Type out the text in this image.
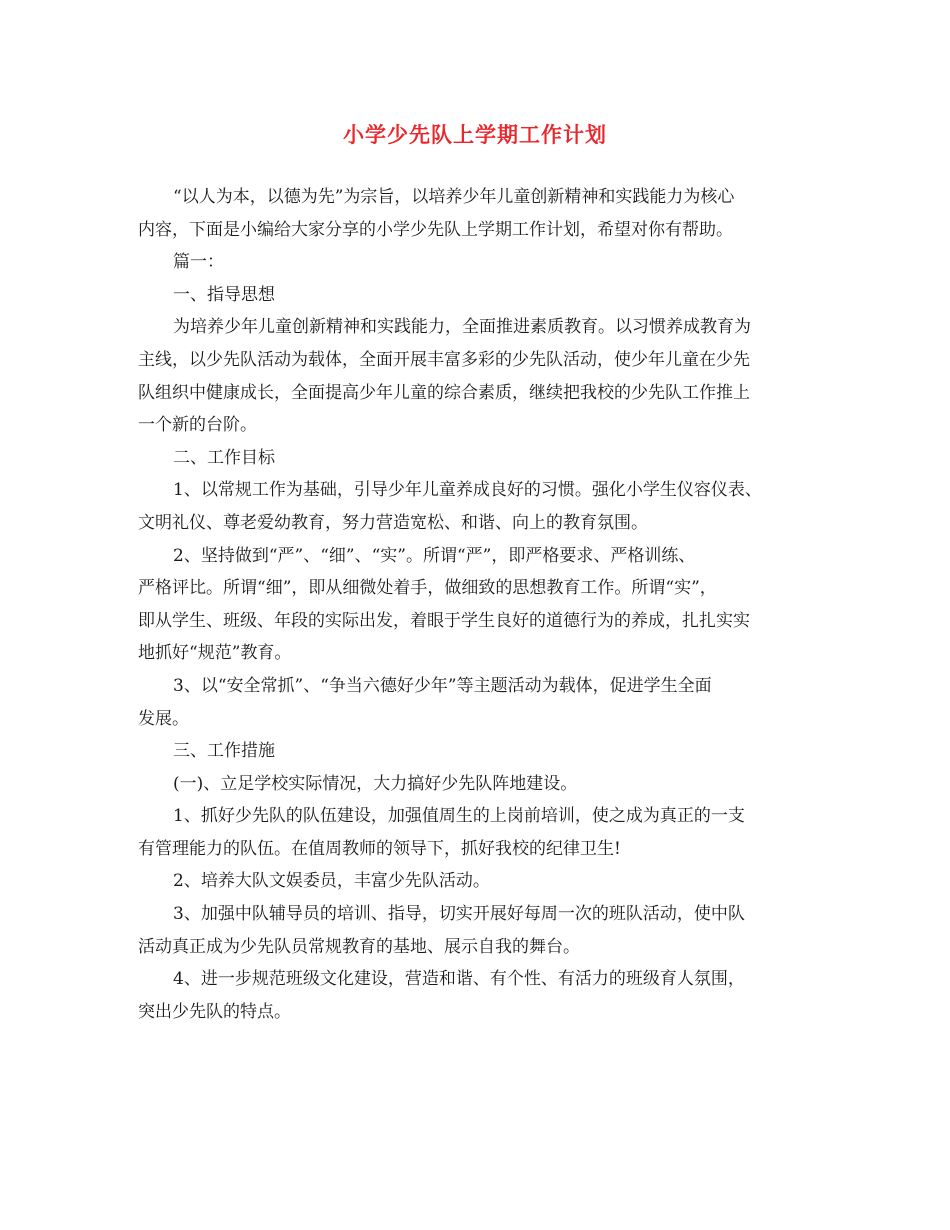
小学少先队上学期工作计划
“以人为本，以德为先”为宗旨，以培养少年儿童创新精神和实践能力为核心
内容，下面是小编给大家分享的小学少先队上学期工作计划，希望对你有帮助。
篇一：
一、指导思想
为培养少年儿童创新精神和实践能力，全面推进素质教育。以习惯养成教育为
主线，以少先队活动为载体，全面开展丰富多彩的少先队活动，使少年儿童在少先
队组织中健康成长，全面提高少年儿童的综合素质，继续把我校的少先队工作推上
一个新的台阶。
二、工作目标
1、以常规工作为基础，引导少年儿童养成良好的习惯。强化小学生仪容仪表、
文明礼仪、尊老爱幼教育，努力营造宽松、和谐、向上的教育氛围。
2、坚持做到“严”、“细”、“实”。所谓“严”，即严格要求、严格训练、
严格评比。所谓“细”，即从细微处着手，做细致的思想教育工作。所谓“实”，
即从学生、班级、年段的实际出发，着眼于学生良好的道德行为的养成，扎扎实实
地抓好“规范”教育。
3、以“安全常抓”、“争当六德好少年”等主题活动为载体，促进学生全面
发展。
三、工作措施
(一)、立足学校实际情况，大力搞好少先队阵地建设。
1、抓好少先队的队伍建设，加强值周生的上岗前培训，使之成为真正的一支
有管理能力的队伍。在值周教师的领导下，抓好我校的纪律卫生!
2、培养大队文娱委员，丰富少先队活动。
3、加强中队辅导员的培训、指导，切实开展好每周一次的班队活动，使中队
活动真正成为少先队员常规教育的基地、展示自我的舞台。
4、进一步规范班级文化建设，营造和谐、有个性、有活力的班级育人氛围，
突出少先队的特点。
